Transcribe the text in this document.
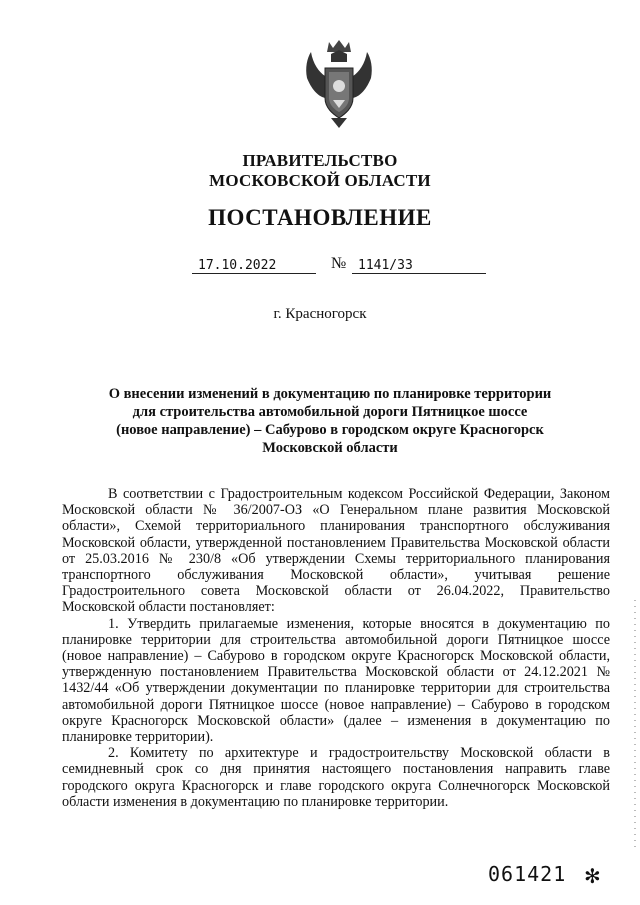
ПРАВИТЕЛЬСТВО
МОСКОВСКОЙ ОБЛАСТИ
ПОСТАНОВЛЕНИЕ
17.10.2022	№ 1141/33
г. Красногорск
О внесении изменений в документацию по планировке территории
для строительства автомобильной дороги Пятницкое шоссе
(новое направление) – Сабурово в городском округе Красногорск
Московской области

В соответствии с Градостроительным кодексом Российской Федерации, Законом Московской области № 36/2007-ОЗ «О Генеральном плане развития Московской области», Схемой территориального планирования транспортного обслуживания Московской области, утвержденной постановлением Правительства Московской области от 25.03.2016 № 230/8 «Об утверждении Схемы территориального планирования транспортного обслуживания Московской области», учитывая решение Градостроительного совета Московской области от 26.04.2022, Правительство Московской области постановляет:

1. Утвердить прилагаемые изменения, которые вносятся в документацию по планировке территории для строительства автомобильной дороги Пятницкое шоссе (новое направление) – Сабурово в городском округе Красногорск Московской области, утвержденную постановлением Правительства Московской области от 24.12.2021 № 1432/44 «Об утверждении документации по планировке территории для строительства автомобильной дороги Пятницкое шоссе (новое направление) – Сабурово в городском округе Красногорск Московской области» (далее – изменения в документацию по планировке территории).

2. Комитету по архитектуре и градостроительству Московской области в семидневный срок со дня принятия настоящего постановления направить главе городского округа Красногорск и главе городского округа Солнечногорск Московской области изменения в документацию по планировке территории.

061421 ✻
